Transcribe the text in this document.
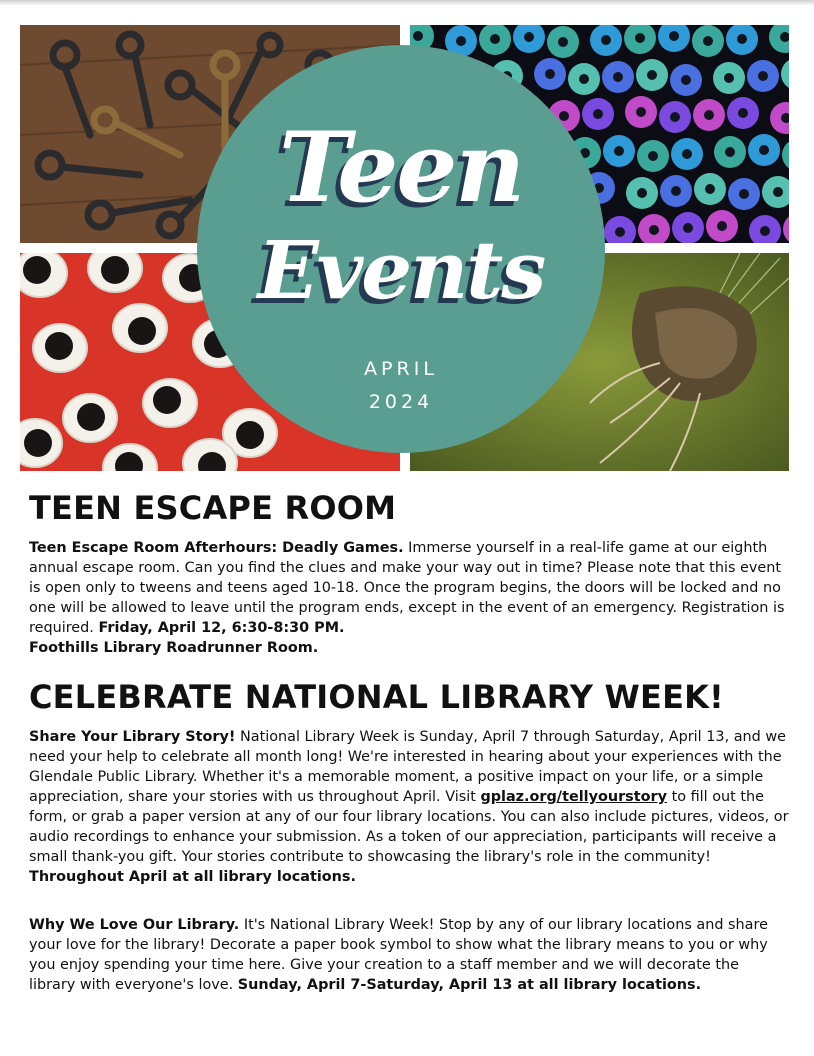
Teen
Events
APRIL
2024
TEEN ESCAPE ROOM

Teen Escape Room Afterhours: Deadly Games. Immerse yourself in a real-life game at our eighth annual escape room. Can you find the clues and make your way out in time? Please note that this event is open only to tweens and teens aged 10-18. Once the program begins, the doors will be locked and no one will be allowed to leave until the program ends, except in the event of an emergency. Registration is required. Friday, April 12, 6:30-8:30 PM.
Foothills Library Roadrunner Room.

CELEBRATE NATIONAL LIBRARY WEEK!

Share Your Library Story! National Library Week is Sunday, April 7 through Saturday, April 13, and we need your help to celebrate all month long! We're interested in hearing about your experiences with the Glendale Public Library. Whether it's a memorable moment, a positive impact on your life, or a simple appreciation, share your stories with us throughout April. Visit gplaz.org/tellyourstory to fill out the form, or grab a paper version at any of our four library locations. You can also include pictures, videos, or audio recordings to enhance your submission. As a token of our appreciation, participants will receive a small thank-you gift. Your stories contribute to showcasing the library's role in the community!
Throughout April at all library locations.

Why We Love Our Library. It's National Library Week! Stop by any of our library locations and share your love for the library! Decorate a paper book symbol to show what the library means to you or why you enjoy spending your time here. Give your creation to a staff member and we will decorate the library with everyone's love. Sunday, April 7-Saturday, April 13 at all library locations.
